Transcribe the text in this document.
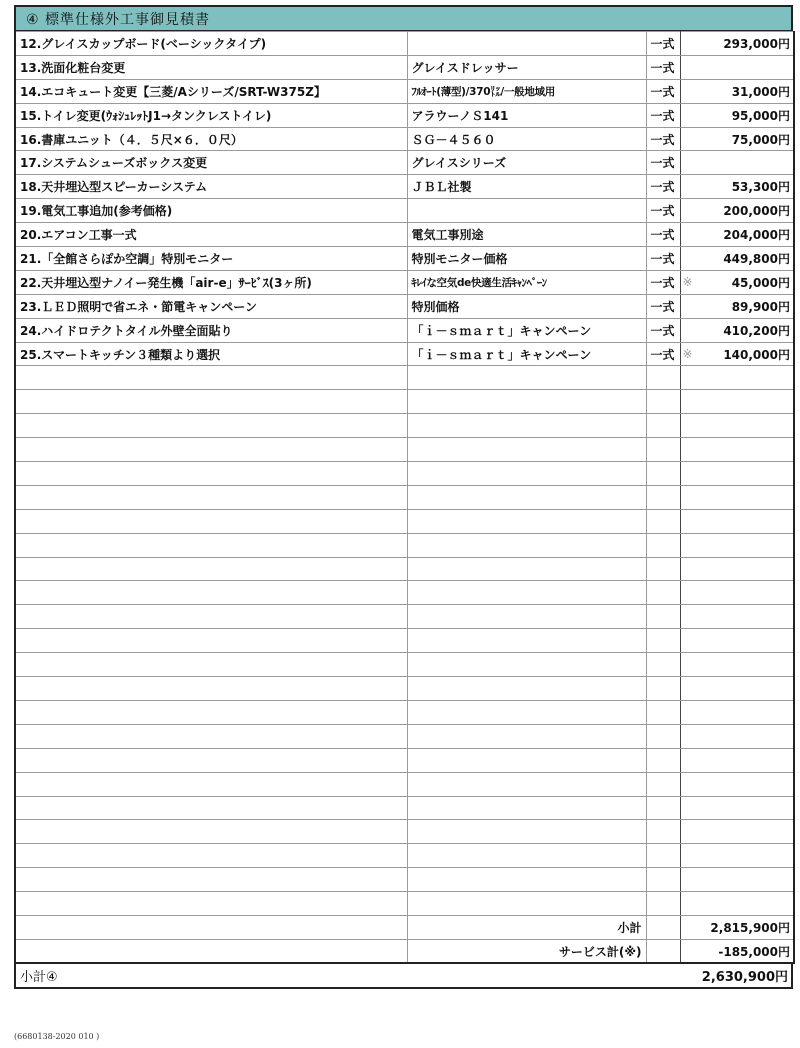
④ 標準仕様外工事御見積書
12.グレイスカップボード(ベーシックタイプ)		一式	293,000円
13.洗面化粧台変更	グレイスドレッサー	一式	
14.エコキュート変更【三菱/Aシリーズ/SRT-W375Z】	ﾌﾙｵｰﾄ(薄型)/370㍑/一般地域用	一式	31,000円
15.トイレ変更(ｳｫｼｭﾚｯﾄJ1→タンクレストイレ)	アラウーノＳ141	一式	95,000円
16.書庫ユニット（４．５尺×６．０尺）	ＳＧ－４５６０	一式	75,000円
17.システムシューズボックス変更	グレイスシリーズ	一式	
18.天井埋込型スピーカーシステム	ＪＢＬ社製	一式	53,300円
19.電気工事追加(参考価格)		一式	200,000円
20.エアコン工事一式	電気工事別途	一式	204,000円
21.「全館さらぽか空調」特別モニター	特別モニター価格	一式	449,800円
22.天井埋込型ナノイー発生機「air-e」ｻｰﾋﾞｽ(3ヶ所)	ｷﾚｲな空気de快適生活ｷｬﾝﾍﾟｰﾝ	一式	※ 45,000円
23.ＬＥＤ照明で省エネ・節電キャンペーン	特別価格	一式	89,900円
24.ハイドロテクトタイル外壁全面貼り	「ｉ－ｓｍａｒｔ」キャンペーン	一式	410,200円
25.スマートキッチン３種類より選択	「ｉ－ｓｍａｒｔ」キャンペーン	一式	※ 140,000円

	小計		2,815,900円
	サービス計(※)		-185,000円
小計④	2,630,900円
(6680138-2020 010 )
